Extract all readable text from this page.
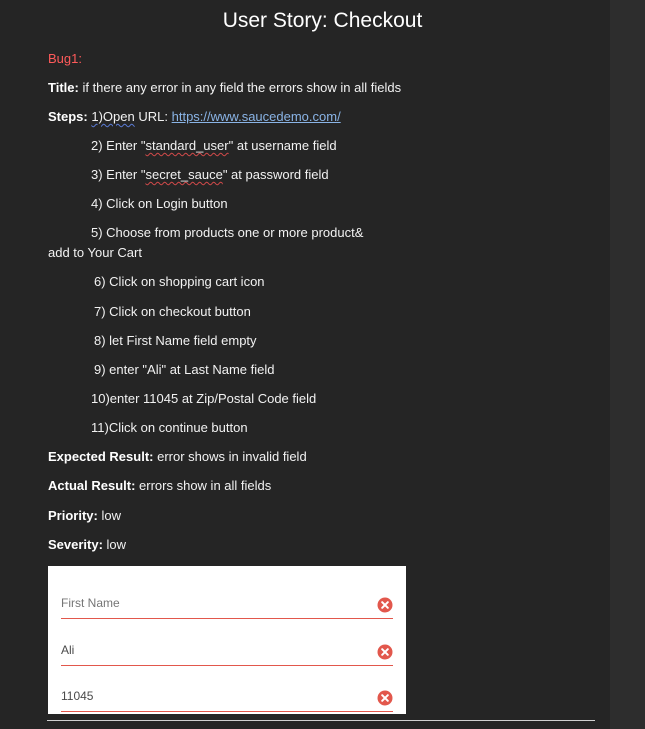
User Story: Checkout
Bug1:
Title: if there any error in any field the errors show in all fields
Steps: 1)Open URL: https://www.saucedemo.com/
2) Enter "standard_user" at username field
3) Enter "secret_sauce" at password field
4) Click on Login button
5) Choose from products one or more product&
add to Your Cart
6) Click on shopping cart icon
7) Click on checkout button
8) let First Name field empty
9) enter "Ali" at Last Name field
10)enter 11045 at Zip/Postal Code field
11)Click on continue button
Expected Result: error shows in invalid field
Actual Result: errors show in all fields
Priority: low
Severity: low
First Name
Ali
11045
